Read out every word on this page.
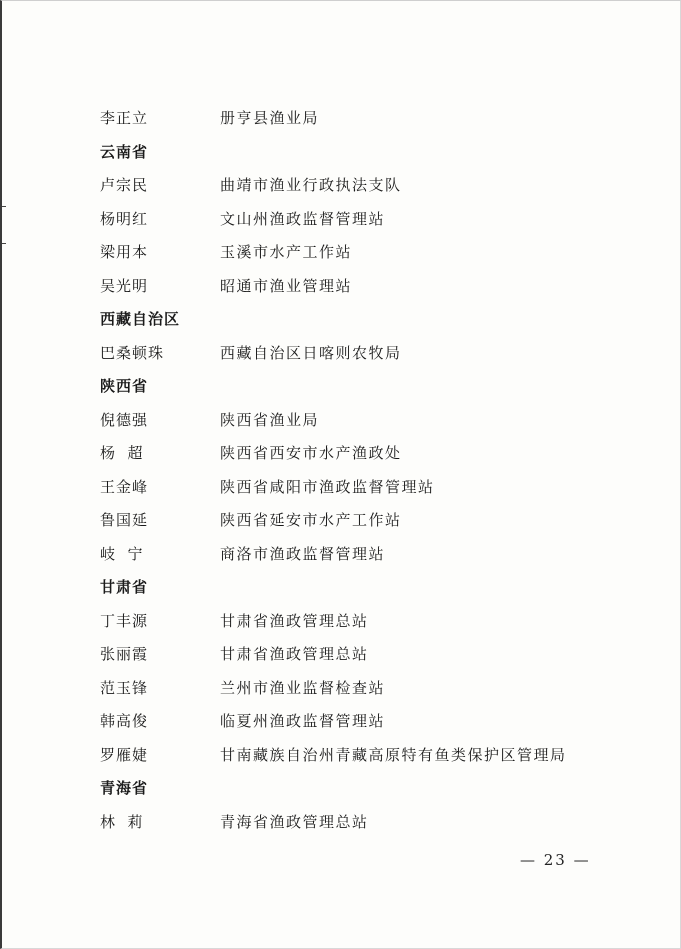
李正立	册亨县渔业局
云南省
卢宗民	曲靖市渔业行政执法支队
杨明红	文山州渔政监督管理站
梁用本	玉溪市水产工作站
吴光明	昭通市渔业管理站
西藏自治区
巴桑顿珠	西藏自治区日喀则农牧局
陕西省
倪德强	陕西省渔业局
杨  超	陕西省西安市水产渔政处
王金峰	陕西省咸阳市渔政监督管理站
鲁国延	陕西省延安市水产工作站
岐  宁	商洛市渔政监督管理站
甘肃省
丁丰源	甘肃省渔政管理总站
张丽霞	甘肃省渔政管理总站
范玉锋	兰州市渔业监督检查站
韩高俊	临夏州渔政监督管理站
罗雁婕	甘南藏族自治州青藏高原特有鱼类保护区管理局
青海省
林  莉	青海省渔政管理总站
— 23 —
